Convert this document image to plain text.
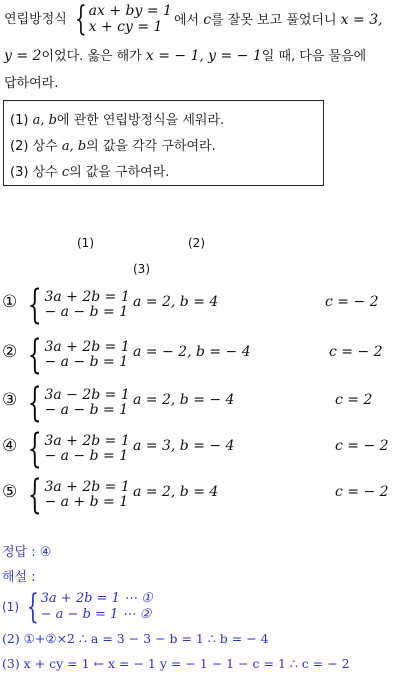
연립방정식 { ax + by = 1
x + cy = 1 에서 c를 잘못 보고 풀었더니 x = 3,
y = 2이었다. 옳은 해가 x = − 1, y = − 1일 때, 다음 물음에
답하여라.
(1) a, b에 관한 연립방정식을 세워라.
(2) 상수 a, b의 값을 각각 구하여라.
(3) 상수 c의 값을 구하여라.
(1)	(2)
(3)
① { 3a + 2b = 1
− a − b = 1
a = 2, b = 4	c = − 2
② { 3a + 2b = 1
− a − b = 1
a = − 2, b = − 4	c = − 2
③ { 3a − 2b = 1
− a − b = 1
a = 2, b = − 4	c = 2
④ { 3a + 2b = 1
− a − b = 1
a = 3, b = − 4	c = − 2
⑤ { 3a + 2b = 1
− a + b = 1
a = 2, b = 4	c = − 2
정답 : ④
해설 :
(1) { 3a + 2b = 1 ⋯ ①
− a − b = 1 ⋯ ②
(2) ①+②×2 ∴ a = 3 − 3 − b = 1 ∴ b = − 4
(3) x + cy = 1 ← x = − 1 y = − 1 − 1 − c = 1 ∴ c = − 2
